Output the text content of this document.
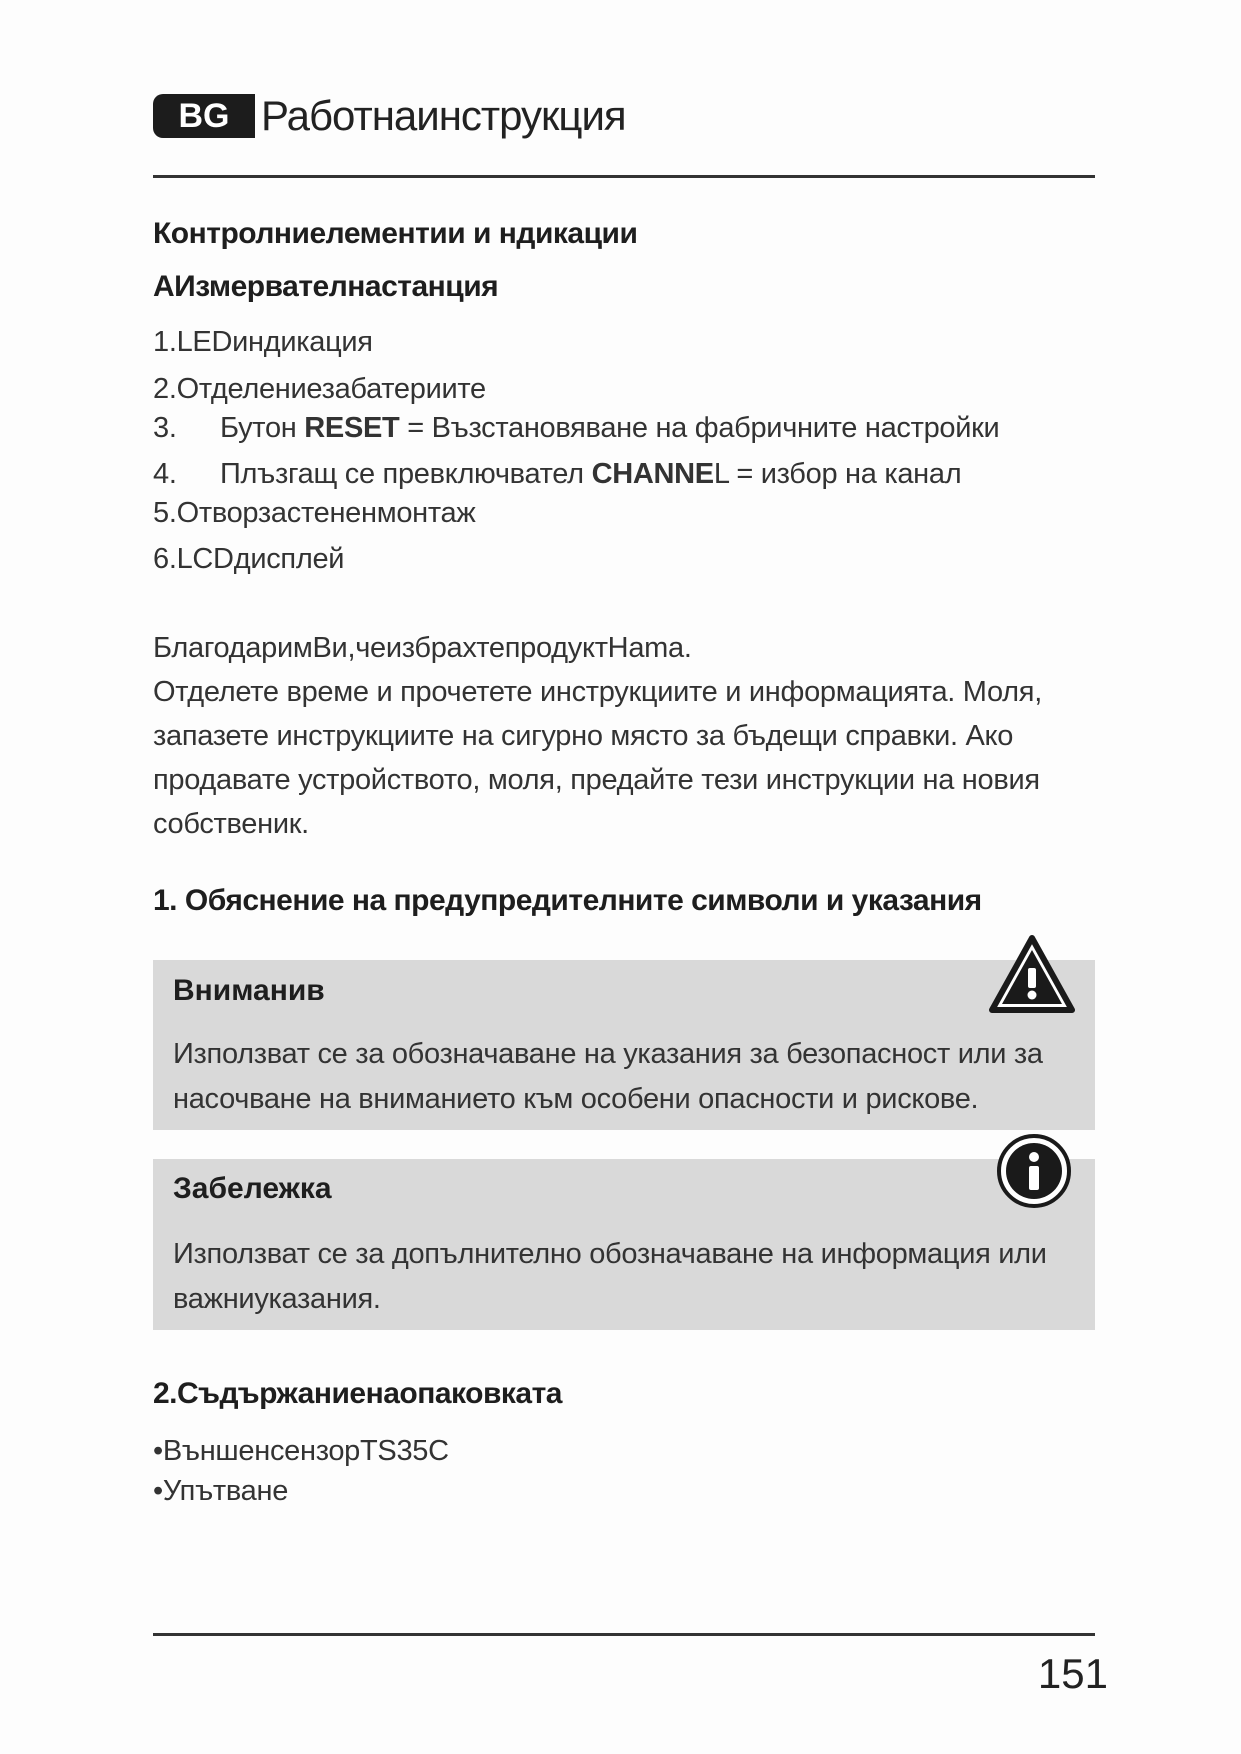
BG Работнаинструкция
Контролниелементии и ндикации
АИзмервателнастанция
1.LEDиндикация
2.Отделениезабатериите
3. Бутон RESET = Възстановяване на фабричните настройки
4. Плъзгащ се превключвател CHANNEL = избор на канал
5.Отворзастененмонтаж
6.LCDдисплей
БлагодаримВи,чеизбрахтепродуктHama.
Отделете време и прочетете инструкциите и информацията. Моля, запазете инструкциите на сигурно място за бъдещи справки. Ако продавате устройството, моля, предайте тези инструкции на новия собственик.
1. Обяснение на предупредителните символи и указания
Вниманив
Използват се за обозначаване на указания за безопасност или за насочване на вниманието към особени опасности и рискове.
Забележка
Използват се за допълнително обозначаване на информация или важниуказания.
2.Съдържаниенаопаковката
•ВъншенсензорTS35C
•Упътване
151
